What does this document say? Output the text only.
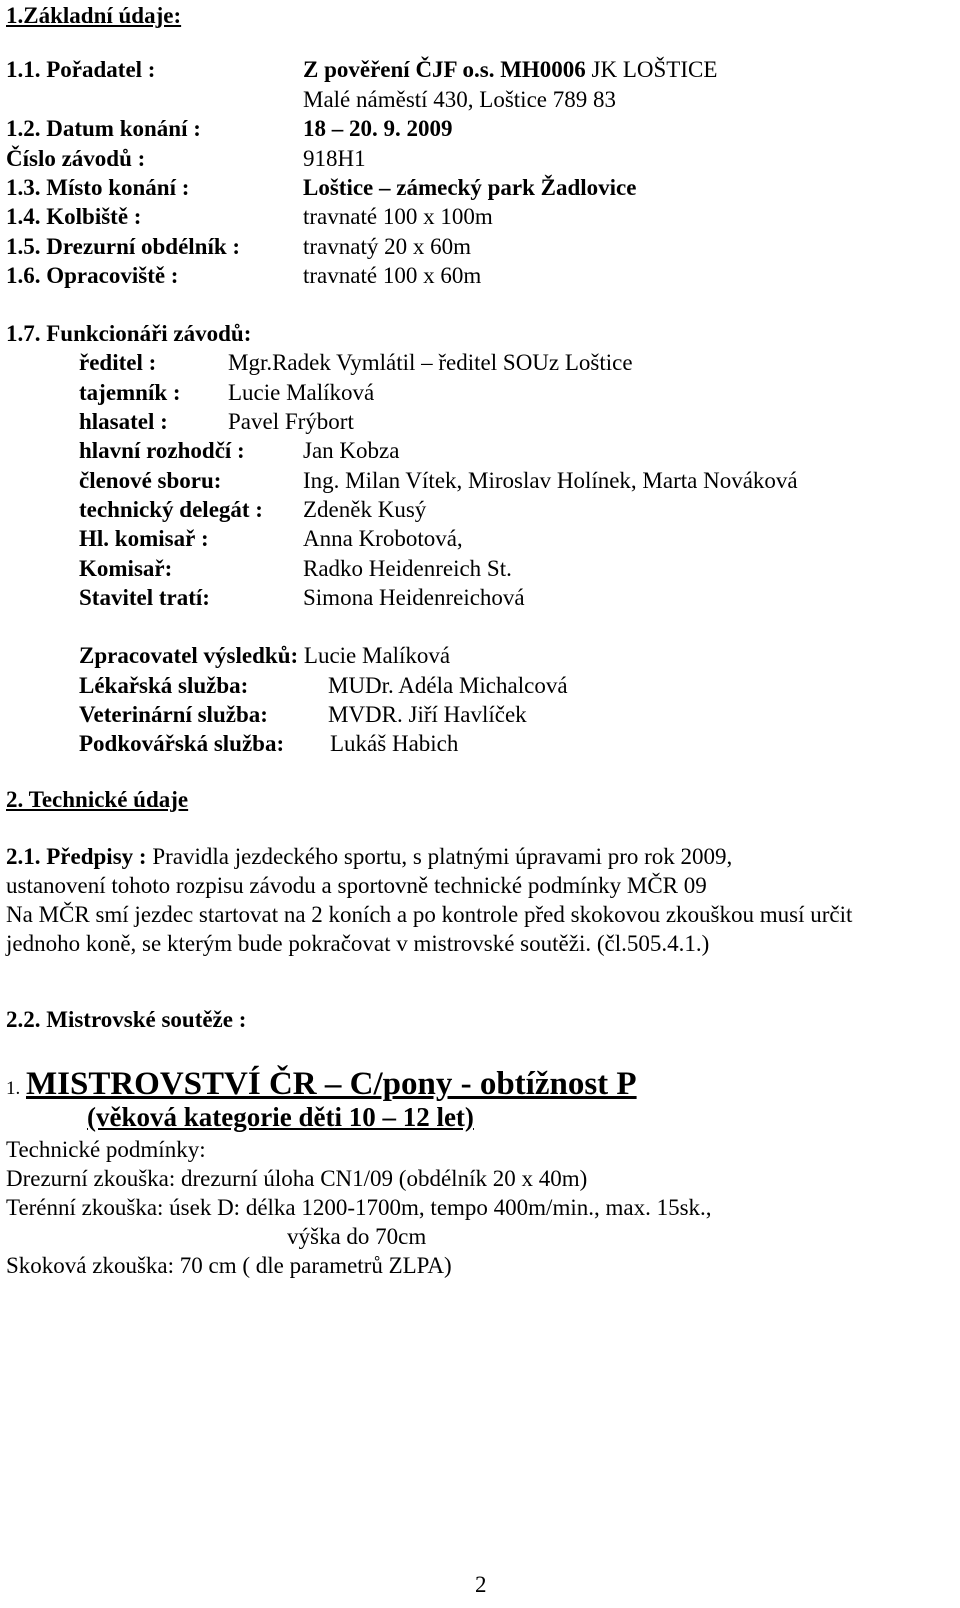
1.Základní údaje:
1.1. Pořadatel :	Z pověření ČJF o.s. MH0006 JK LOŠTICE
Malé náměstí 430, Loštice 789 83
1.2. Datum konání :	18 – 20. 9. 2009
Číslo závodů :	918H1
1.3. Místo konání :	Loštice – zámecký park Žadlovice
1.4. Kolbiště :	travnaté 100 x 100m
1.5. Drezurní obdélník :	travnatý 20 x 60m
1.6. Opracoviště :	travnaté 100 x 60m
1.7. Funkcionáři závodů:
ředitel :	Mgr.Radek Vymlátil – ředitel SOUz Loštice
tajemník : Lucie Malíková
hlasatel :	Pavel Frýbort
hlavní rozhodčí :	Jan Kobza
členové sboru:	Ing. Milan Vítek, Miroslav Holínek, Marta Nováková
technický delegát : Zdeněk Kusý
Hl. komisař :	Anna Krobotová,
Komisař:	Radko Heidenreich St.
Stavitel tratí:	Simona Heidenreichová
Zpracovatel výsledků: Lucie Malíková
Lékařská služba:	MUDr. Adéla Michalcová
Veterinární služba:	MVDR. Jiří Havlíček
Podkovářská služba: Lukáš Habich
2. Technické údaje
2.1. Předpisy : Pravidla jezdeckého sportu, s platnými úpravami pro rok 2009,
ustanovení tohoto rozpisu závodu a sportovně technické podmínky MČR 09
Na MČR smí jezdec startovat na 2 koních a po kontrole před skokovou zkouškou musí určit
jednoho koně, se kterým bude pokračovat v mistrovské soutěži. (čl.505.4.1.)
2.2. Mistrovské soutěže :
1. MISTROVSTVÍ ČR – C/pony - obtížnost P
(věková kategorie děti 10 – 12 let)
Technické podmínky:
Drezurní zkouška: drezurní úloha CN1/09 (obdélník 20 x 40m)
Terénní zkouška: úsek D: délka 1200-1700m, tempo 400m/min., max. 15sk.,
výška do 70cm
Skoková zkouška: 70 cm ( dle parametrů ZLPA)
2
